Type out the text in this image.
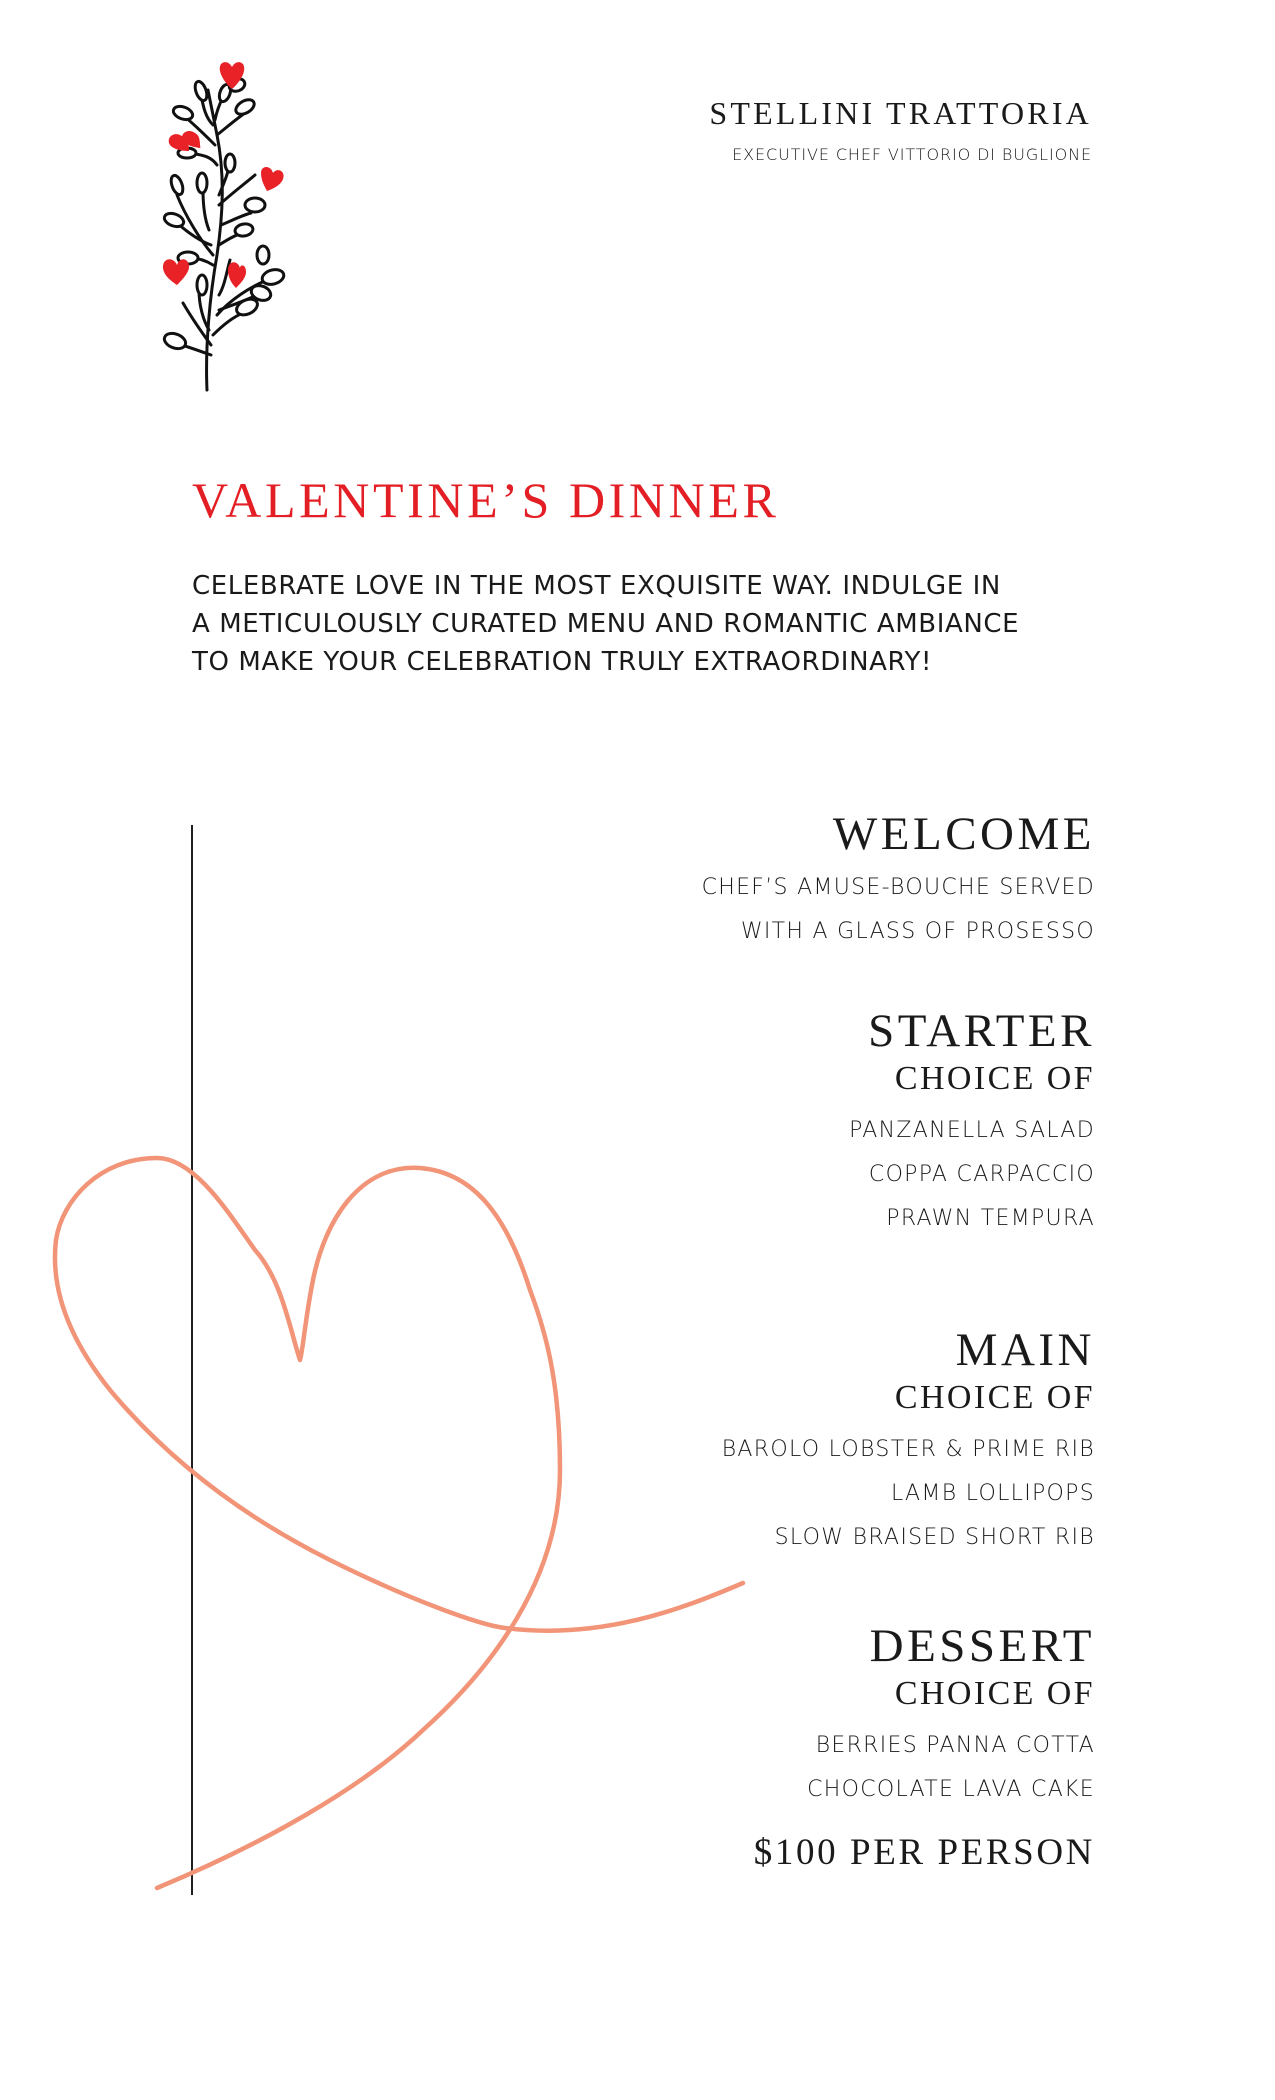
STELLINI TRATTORIA
EXECUTIVE CHEF VITTORIO DI BUGLIONE
VALENTINE’S DINNER
CELEBRATE LOVE IN THE MOST EXQUISITE WAY. INDULGE IN
A METICULOUSLY CURATED MENU AND ROMANTIC AMBIANCE
TO MAKE YOUR CELEBRATION TRULY EXTRAORDINARY!
WELCOME
CHEF’S AMUSE-BOUCHE SERVED
WITH A GLASS OF PROSESSO
STARTER
CHOICE OF
PANZANELLA SALAD
COPPA CARPACCIO
PRAWN TEMPURA
MAIN
CHOICE OF
BAROLO LOBSTER & PRIME RIB
LAMB LOLLIPOPS
SLOW BRAISED SHORT RIB
DESSERT
CHOICE OF
BERRIES PANNA COTTA
CHOCOLATE LAVA CAKE
$100 PER PERSON
